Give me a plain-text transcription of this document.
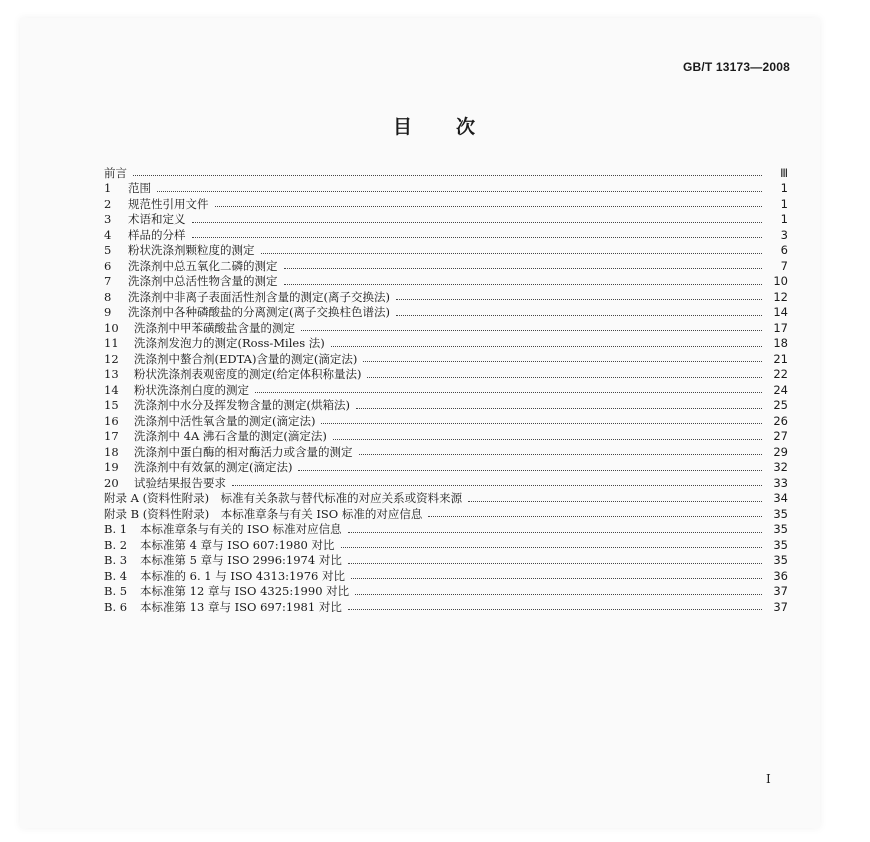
GB/T 13173—2008
目　　次
前言	Ⅲ
1	范围	1
2	规范性引用文件	1
3	术语和定义	1
4	样品的分样	3
5	粉状洗涤剂颗粒度的测定	6
6	洗涤剂中总五氧化二磷的测定	7
7	洗涤剂中总活性物含量的测定	10
8	洗涤剂中非离子表面活性剂含量的测定(离子交换法)	12
9	洗涤剂中各种磷酸盐的分离测定(离子交换柱色谱法)	14
10	洗涤剂中甲苯磺酸盐含量的测定	17
11	洗涤剂发泡力的测定(Ross-Miles 法)	18
12	洗涤剂中螯合剂(EDTA)含量的测定(滴定法)	21
13	粉状洗涤剂表观密度的测定(给定体积称量法)	22
14	粉状洗涤剂白度的测定	24
15	洗涤剂中水分及挥发物含量的测定(烘箱法)	25
16	洗涤剂中活性氧含量的测定(滴定法)	26
17	洗涤剂中 4A 沸石含量的测定(滴定法)	27
18	洗涤剂中蛋白酶的相对酶活力或含量的测定	29
19	洗涤剂中有效氯的测定(滴定法)	32
20	试验结果报告要求	33
附录 A (资料性附录)　标准有关条款与替代标准的对应关系或资料来源	34
附录 B (资料性附录)　本标准章条与有关 ISO 标准的对应信息	35
B. 1	本标准章条与有关的 ISO 标准对应信息	35
B. 2	本标准第 4 章与 ISO 607:1980 对比	35
B. 3	本标准第 5 章与 ISO 2996:1974 对比	35
B. 4	本标准的 6. 1 与 ISO 4313:1976 对比	36
B. 5	本标准第 12 章与 ISO 4325:1990 对比	37
B. 6	本标准第 13 章与 ISO 697:1981 对比	37
Ⅰ
